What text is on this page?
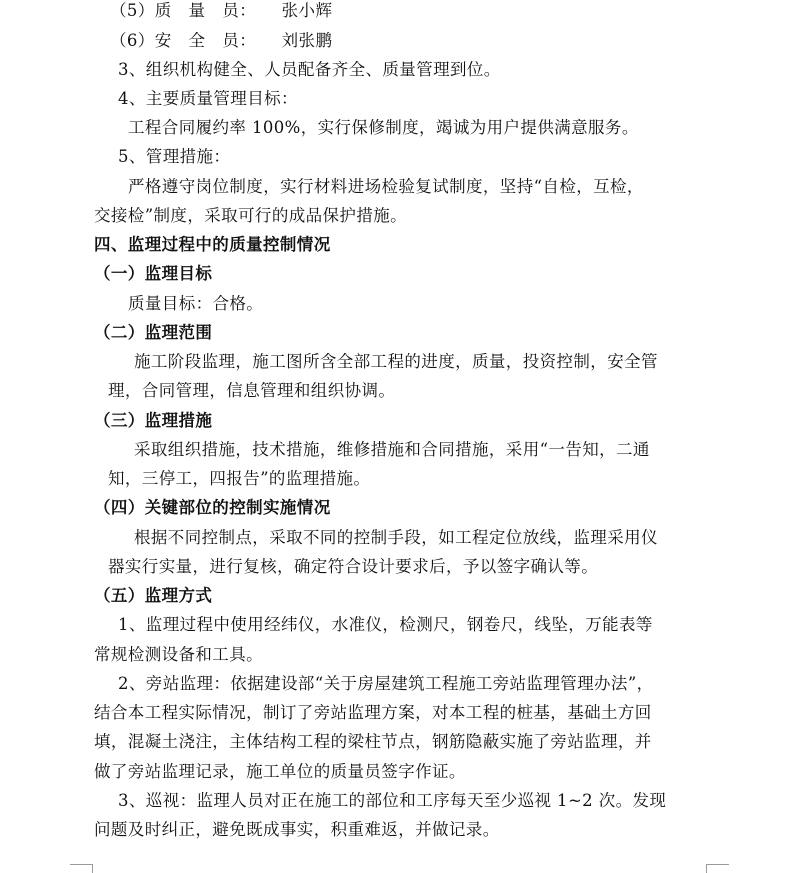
（5）质　量　员：　　张小辉
（6）安　全　员：　　刘张鹏
3、组织机构健全、人员配备齐全、质量管理到位。
4、主要质量管理目标：
工程合同履约率 100%，实行保修制度，竭诚为用户提供满意服务。
5、管理措施：
严格遵守岗位制度，实行材料进场检验复试制度，坚持“自检，互检，
交接检”制度，采取可行的成品保护措施。
四、监理过程中的质量控制情况
（一）监理目标
质量目标：合格。
（二）监理范围
施工阶段监理，施工图所含全部工程的进度，质量，投资控制，安全管
理，合同管理，信息管理和组织协调。
（三）监理措施
采取组织措施，技术措施，维修措施和合同措施，采用“一告知，二通
知，三停工，四报告”的监理措施。
（四）关键部位的控制实施情况
根据不同控制点，采取不同的控制手段，如工程定位放线，监理采用仪
器实行实量，进行复核，确定符合设计要求后，予以签字确认等。
（五）监理方式
1、监理过程中使用经纬仪，水准仪，检测尺，钢卷尺，线坠，万能表等
常规检测设备和工具。
2、旁站监理：依据建设部“关于房屋建筑工程施工旁站监理管理办法”，
结合本工程实际情况，制订了旁站监理方案，对本工程的桩基，基础土方回
填，混凝土浇注，主体结构工程的梁柱节点，钢筋隐蔽实施了旁站监理，并
做了旁站监理记录，施工单位的质量员签字作证。
3、巡视：监理人员对正在施工的部位和工序每天至少巡视 1~2 次。发现
问题及时纠正，避免既成事实，积重难返，并做记录。
